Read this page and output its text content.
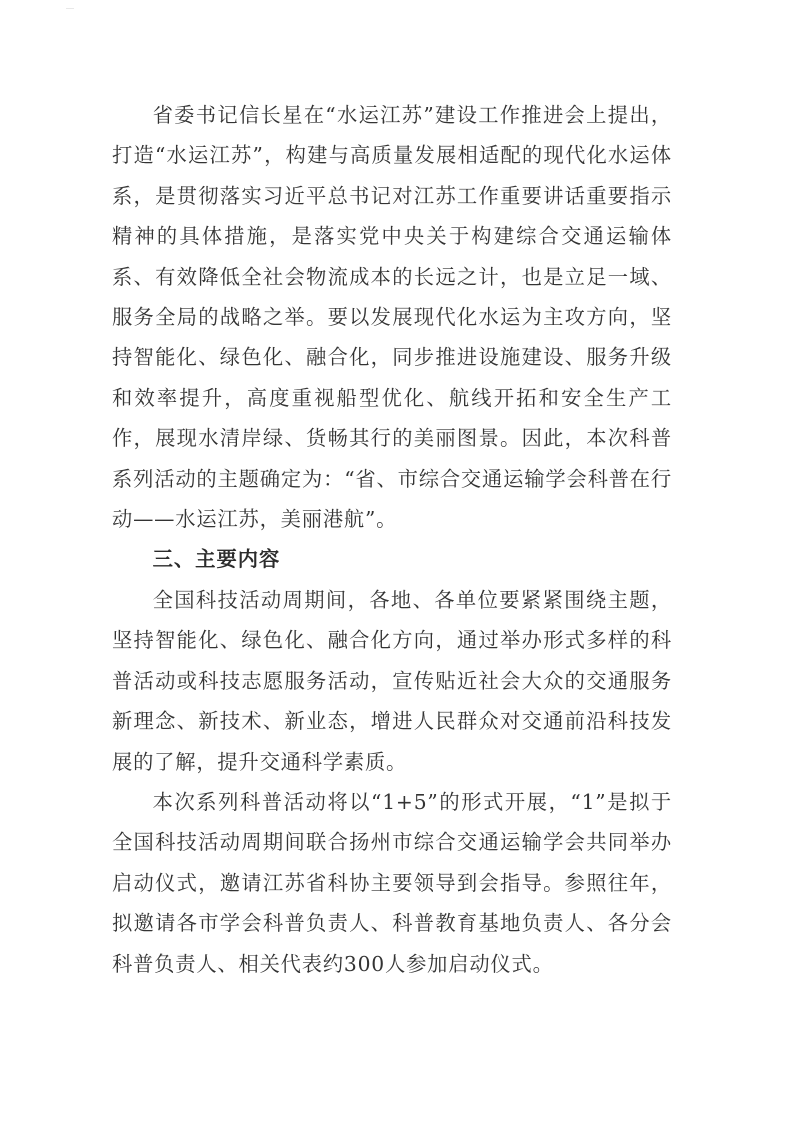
省委书记信长星在“水运江苏”建设工作推进会上提出，打造“水运江苏”，构建与高质量发展相适配的现代化水运体系，是贯彻落实习近平总书记对江苏工作重要讲话重要指示精神的具体措施，是落实党中央关于构建综合交通运输体系、有效降低全社会物流成本的长远之计，也是立足一域、服务全局的战略之举。要以发展现代化水运为主攻方向，坚持智能化、绿色化、融合化，同步推进设施建设、服务升级和效率提升，高度重视船型优化、航线开拓和安全生产工作，展现水清岸绿、货畅其行的美丽图景。因此，本次科普系列活动的主题确定为：“省、市综合交通运输学会科普在行动——水运江苏，美丽港航”。

三、主要内容

全国科技活动周期间，各地、各单位要紧紧围绕主题，坚持智能化、绿色化、融合化方向，通过举办形式多样的科普活动或科技志愿服务活动，宣传贴近社会大众的交通服务新理念、新技术、新业态，增进人民群众对交通前沿科技发展的了解，提升交通科学素质。

本次系列科普活动将以“1+5”的形式开展，“1”是拟于全国科技活动周期间联合扬州市综合交通运输学会共同举办启动仪式，邀请江苏省科协主要领导到会指导。参照往年，拟邀请各市学会科普负责人、科普教育基地负责人、各分会科普负责人、相关代表约300人参加启动仪式。
